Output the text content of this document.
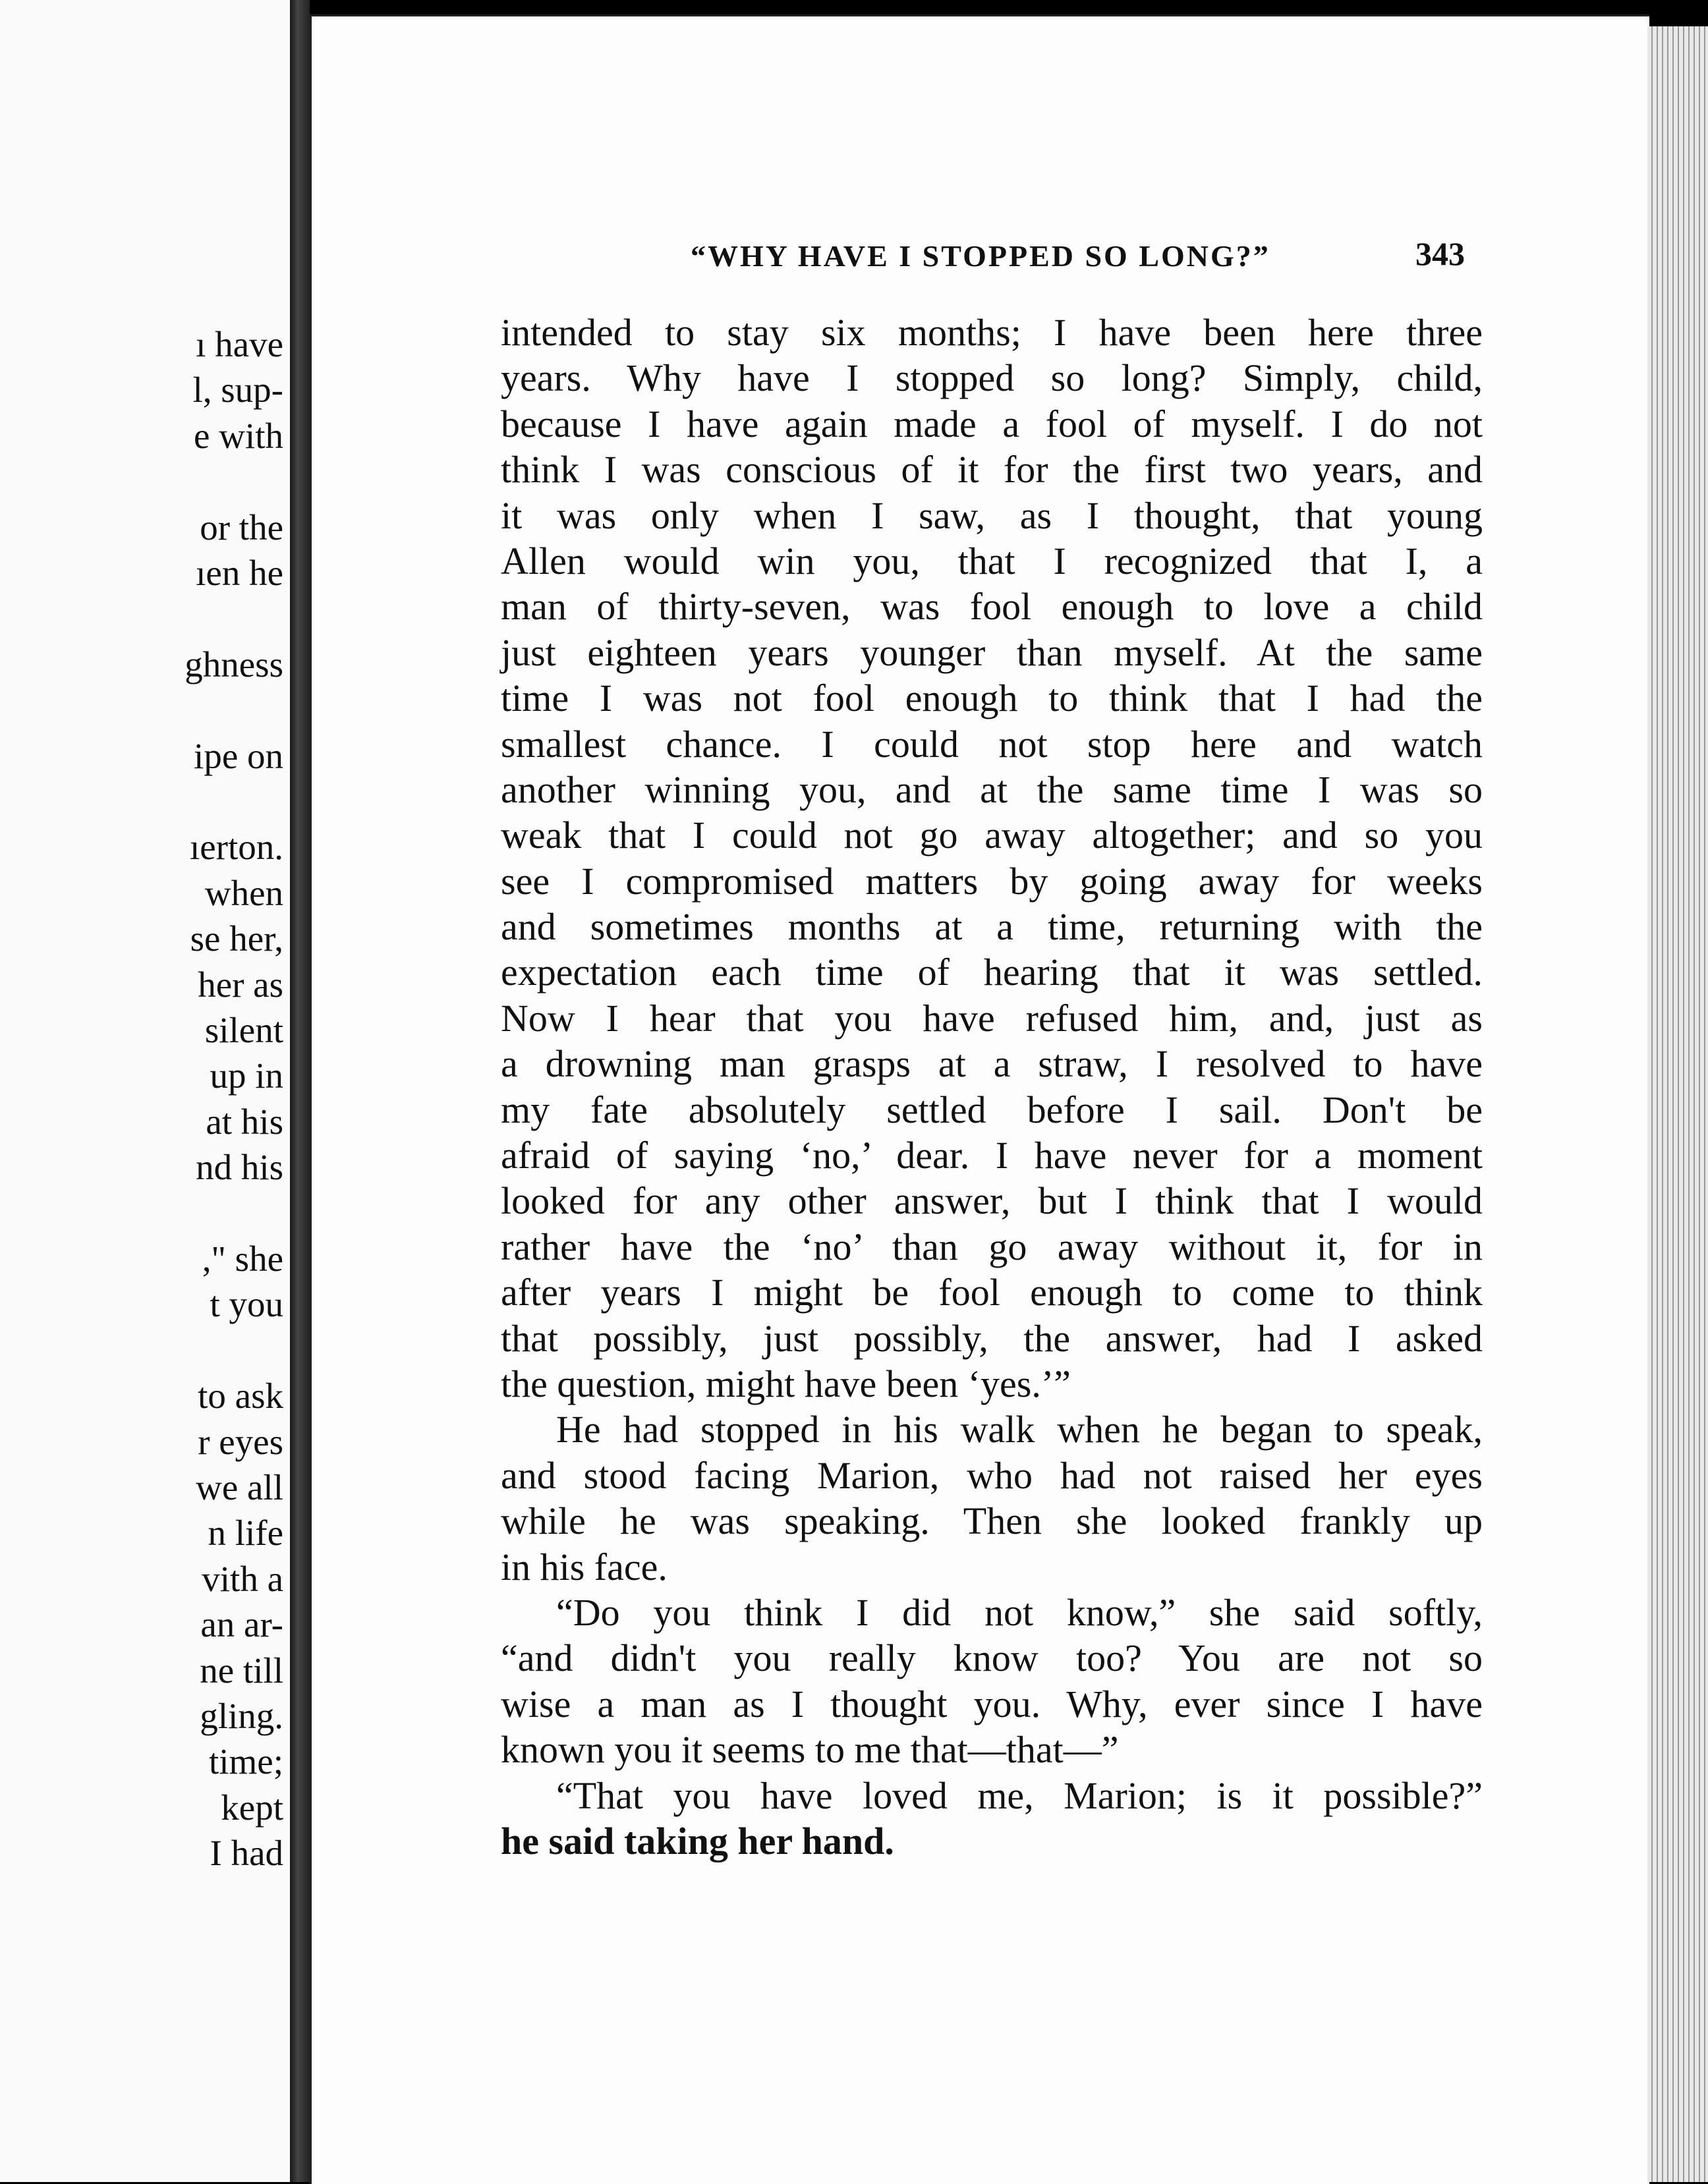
ı have
l, sup-
e with
or the
ıen he
ghness
ipe on
ıerton.
when
se her,
her as
silent
up in
at his
nd his
," she
t you
to ask
r eyes
we all
n life
vith a
an ar-
ne till
gling.
time;
kept
I had
“WHY HAVE I STOPPED SO LONG?”	343
intended to stay six months; I have been here three
years. Why have I stopped so long? Simply, child,
because I have again made a fool of myself. I do not
think I was conscious of it for the first two years, and
it was only when I saw, as I thought, that young
Allen would win you, that I recognized that I, a
man of thirty-seven, was fool enough to love a child
just eighteen years younger than myself. At the same
time I was not fool enough to think that I had the
smallest chance. I could not stop here and watch
another winning you, and at the same time I was so
weak that I could not go away altogether; and so you
see I compromised matters by going away for weeks
and sometimes months at a time, returning with the
expectation each time of hearing that it was settled.
Now I hear that you have refused him, and, just as
a drowning man grasps at a straw, I resolved to have
my fate absolutely settled before I sail. Don't be
afraid of saying ‘no,’ dear. I have never for a moment
looked for any other answer, but I think that I would
rather have the ‘no’ than go away without it, for in
after years I might be fool enough to come to think
that possibly, just possibly, the answer, had I asked
the question, might have been ‘yes.’”
He had stopped in his walk when he began to speak,
and stood facing Marion, who had not raised her eyes
while he was speaking. Then she looked frankly up
in his face.
“Do you think I did not know,” she said softly,
“and didn't you really know too? You are not so
wise a man as I thought you. Why, ever since I have
known you it seems to me that—that—”
“That you have loved me, Marion; is it possible?”
he said taking her hand.
